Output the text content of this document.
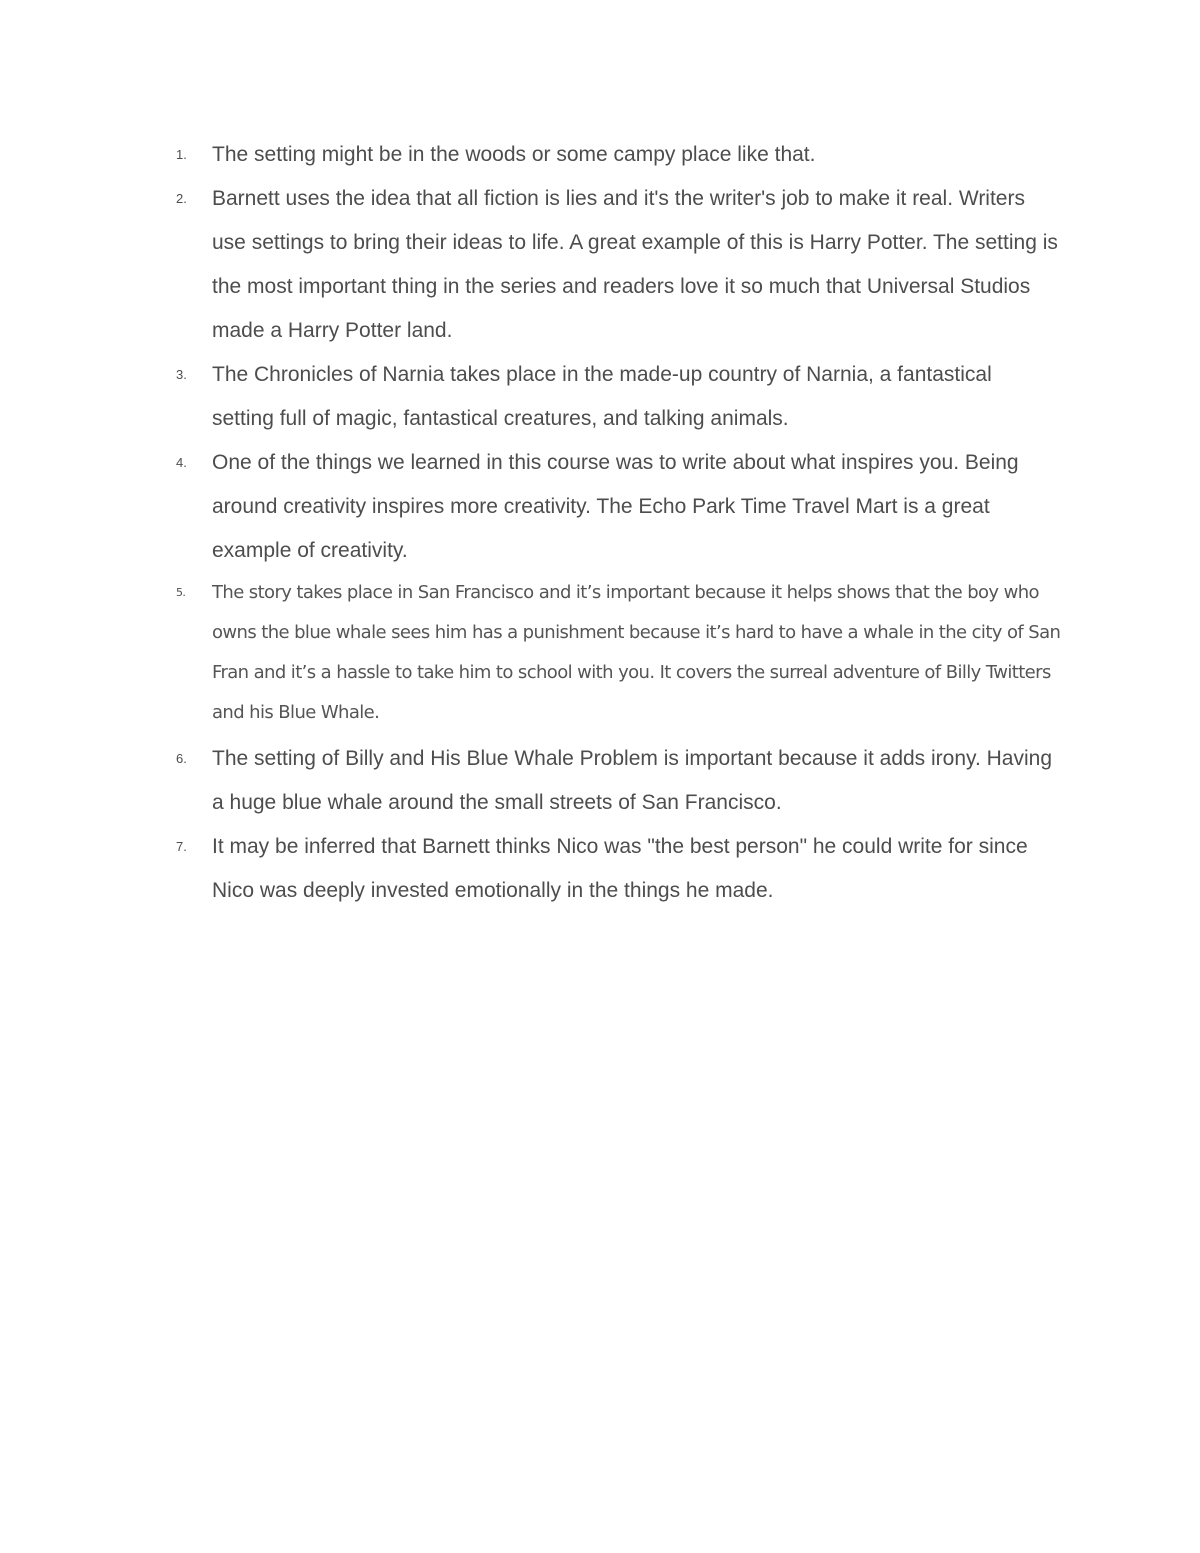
1. The setting might be in the woods or some campy place like that.
2. Barnett uses the idea that all fiction is lies and it's the writer's job to make it real. Writers use settings to bring their ideas to life. A great example of this is Harry Potter. The setting is the most important thing in the series and readers love it so much that Universal Studios made a Harry Potter land.
3. The Chronicles of Narnia takes place in the made-up country of Narnia, a fantastical setting full of magic, fantastical creatures, and talking animals.
4. One of the things we learned in this course was to write about what inspires you. Being around creativity inspires more creativity. The Echo Park Time Travel Mart is a great example of creativity.
5. The story takes place in San Francisco and it’s important because it helps shows that the boy who owns the blue whale sees him has a punishment because it’s hard to have a whale in the city of San Fran and it’s a hassle to take him to school with you. It covers the surreal adventure of Billy Twitters and his Blue Whale.
6. The setting of Billy and His Blue Whale Problem is important because it adds irony. Having a huge blue whale around the small streets of San Francisco.
7. It may be inferred that Barnett thinks Nico was "the best person" he could write for since Nico was deeply invested emotionally in the things he made.
